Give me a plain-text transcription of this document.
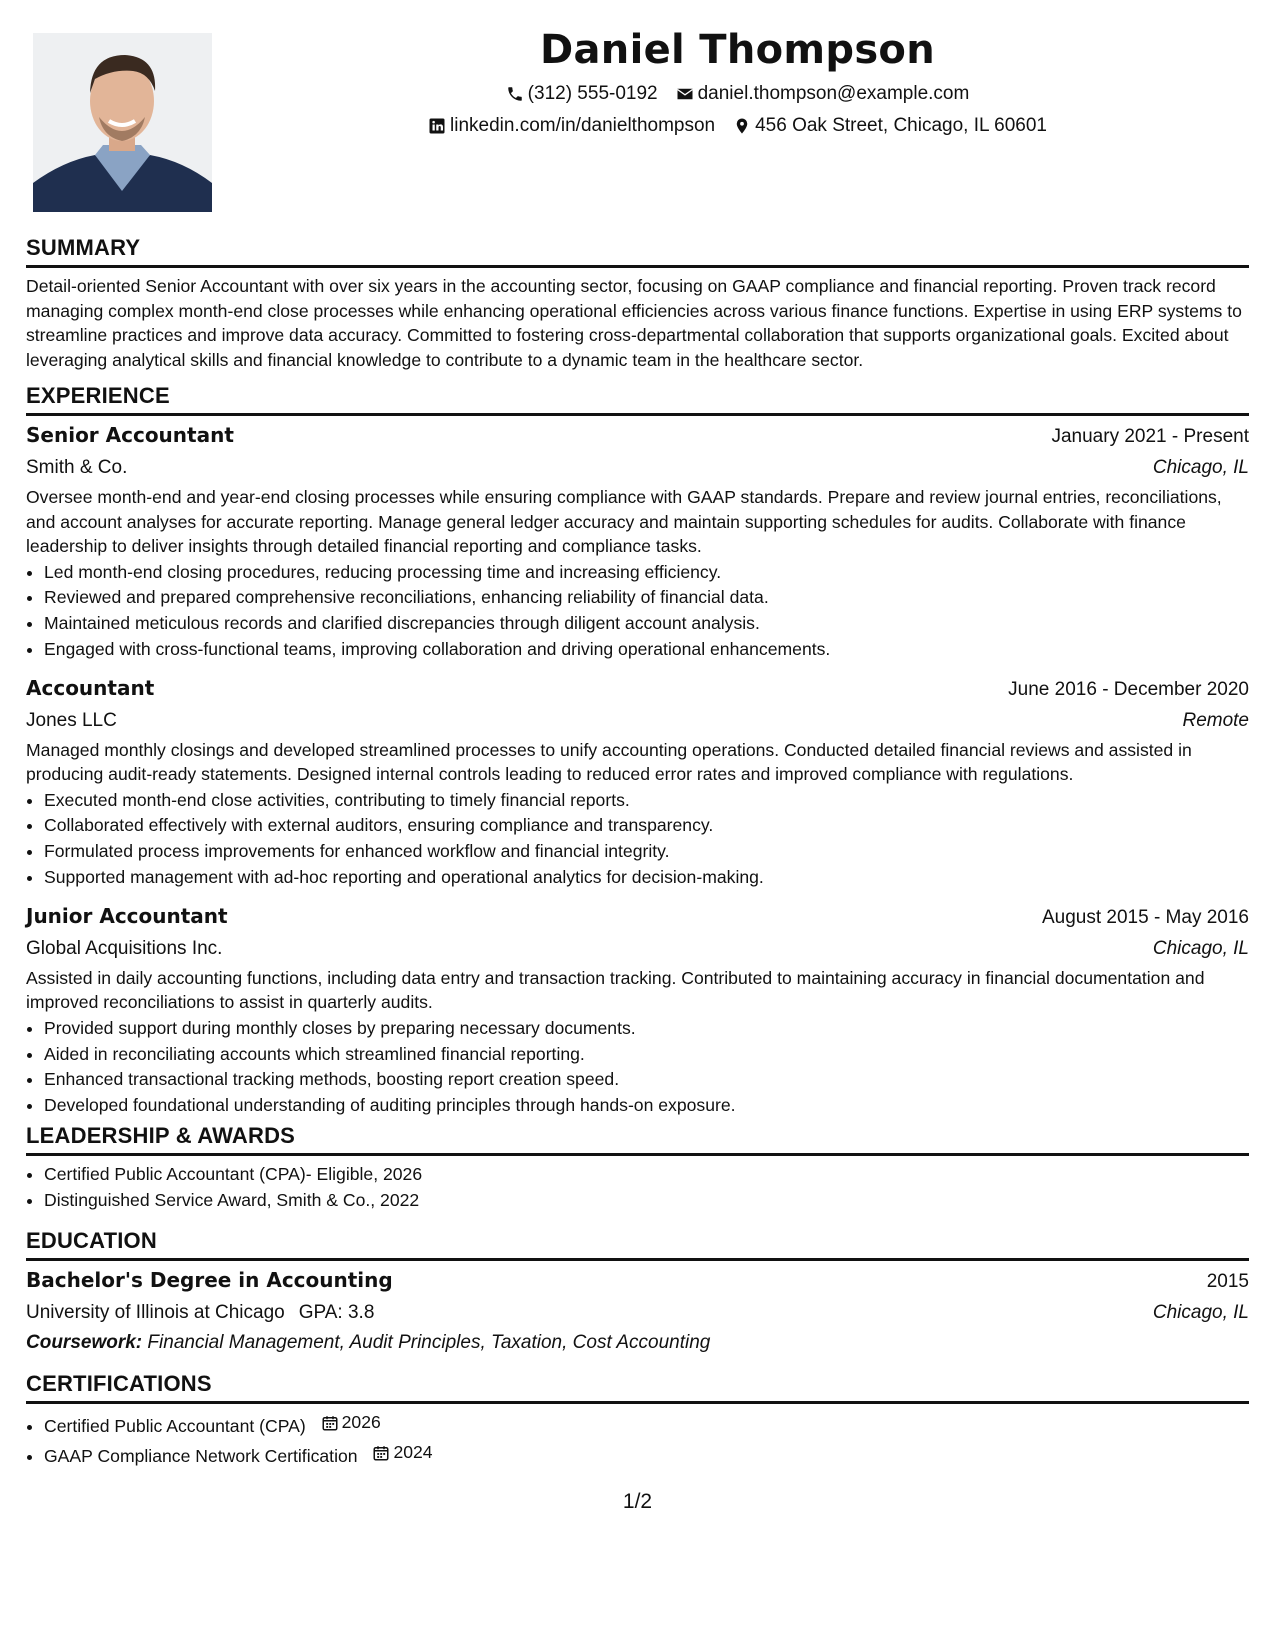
Daniel Thompson
(312) 555-0192 daniel.thompson@example.com
linkedin.com/in/danielthompson 456 Oak Street, Chicago, IL 60601
SUMMARY

Detail-oriented Senior Accountant with over six years in the accounting sector, focusing on GAAP compliance and financial reporting. Proven track record managing complex month-end close processes while enhancing operational efficiencies across various finance functions. Expertise in using ERP systems to streamline practices and improve data accuracy. Committed to fostering cross-departmental collaboration that supports organizational goals. Excited about leveraging analytical skills and financial knowledge to contribute to a dynamic team in the healthcare sector.

EXPERIENCE
Senior Accountant	January 2021 - Present
Smith & Co.	Chicago, IL

Oversee month-end and year-end closing processes while ensuring compliance with GAAP standards. Prepare and review journal entries, reconciliations, and account analyses for accurate reporting. Manage general ledger accuracy and maintain supporting schedules for audits. Collaborate with finance leadership to deliver insights through detailed financial reporting and compliance tasks.

• Led month-end closing procedures, reducing processing time and increasing efficiency.
• Reviewed and prepared comprehensive reconciliations, enhancing reliability of financial data.
• Maintained meticulous records and clarified discrepancies through diligent account analysis.
• Engaged with cross-functional teams, improving collaboration and driving operational enhancements.
Accountant	June 2016 - December 2020
Jones LLC	Remote

Managed monthly closings and developed streamlined processes to unify accounting operations. Conducted detailed financial reviews and assisted in producing audit-ready statements. Designed internal controls leading to reduced error rates and improved compliance with regulations.

• Executed month-end close activities, contributing to timely financial reports.
• Collaborated effectively with external auditors, ensuring compliance and transparency.
• Formulated process improvements for enhanced workflow and financial integrity.
• Supported management with ad-hoc reporting and operational analytics for decision-making.
Junior Accountant	August 2015 - May 2016
Global Acquisitions Inc.	Chicago, IL

Assisted in daily accounting functions, including data entry and transaction tracking. Contributed to maintaining accuracy in financial documentation and improved reconciliations to assist in quarterly audits.

• Provided support during monthly closes by preparing necessary documents.
• Aided in reconciliating accounts which streamlined financial reporting.
• Enhanced transactional tracking methods, boosting report creation speed.
• Developed foundational understanding of auditing principles through hands-on exposure.
LEADERSHIP & AWARDS
• Certified Public Accountant (CPA)- Eligible, 2026
• Distinguished Service Award, Smith & Co., 2022
EDUCATION
Bachelor's Degree in Accounting	2015
University of Illinois at Chicago GPA: 3.8	Chicago, IL
Coursework: Financial Management, Audit Principles, Taxation, Cost Accounting
CERTIFICATIONS
• Certified Public Accountant (CPA) 2026
• GAAP Compliance Network Certification 2024
1/2
